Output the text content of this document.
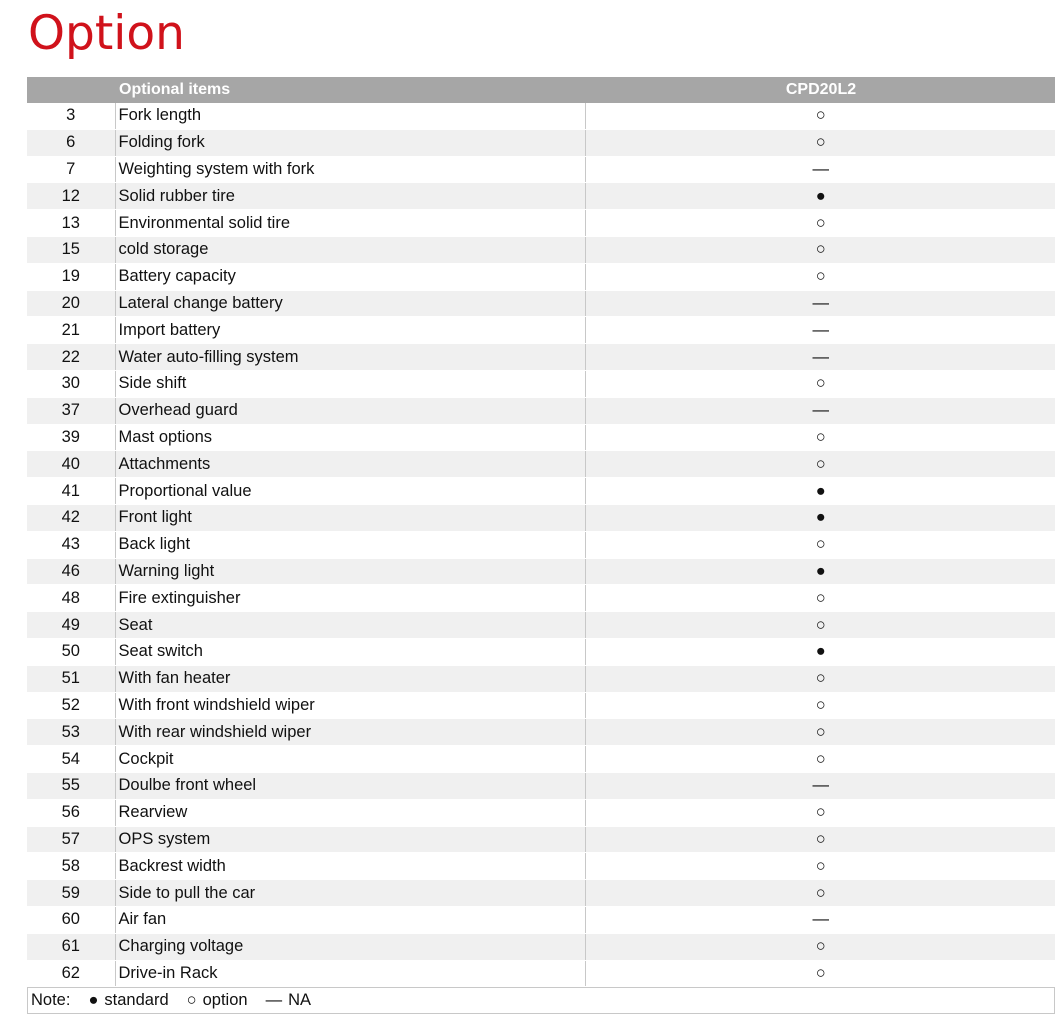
Option
	Optional items	CPD20L2
3	Fork length	○
6	Folding fork	○
7	Weighting system with fork	—
12	Solid rubber tire	●
13	Environmental solid tire	○
15	cold storage	○
19	Battery capacity	○
20	Lateral change battery	—
21	Import battery	—
22	Water auto-filling system	—
30	Side shift	○
37	Overhead guard	—
39	Mast options	○
40	Attachments	○
41	Proportional value	●
42	Front light	●
43	Back light	○
46	Warning light	●
48	Fire extinguisher	○
49	Seat	○
50	Seat switch	●
51	With fan heater	○
52	With front windshield wiper	○
53	With rear windshield wiper	○
54	Cockpit	○
55	Doulbe front wheel	—
56	Rearview	○
57	OPS system	○
58	Backrest width	○
59	Side to pull the car	○
60	Air fan	—
61	Charging voltage	○
62	Drive-in Rack	○
Note: ● standard ○ option — NA
